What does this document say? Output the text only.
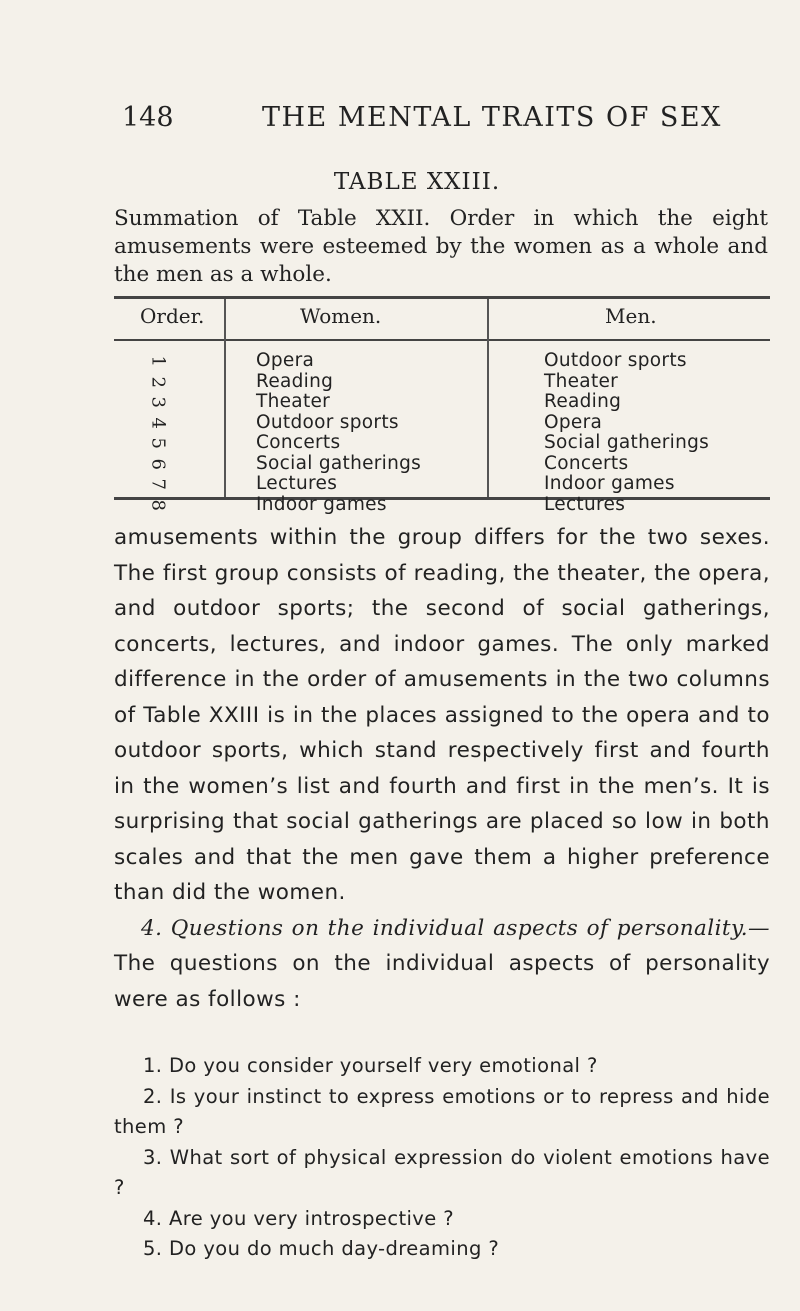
148	THE MENTAL TRAITS OF SEX
TABLE XXIII.
Summation of Table XXII. Order in which the eight amusements were esteemed by the women as a whole and the men as a whole.
Order.	Women.	Men.
1	Opera	Outdoor sports
2	Reading	Theater
3	Theater	Reading
4	Outdoor sports	Opera
5	Concerts	Social gatherings
6	Social gatherings	Concerts
7	Lectures	Indoor games
8	Indoor games	Lectures

amusements within the group differs for the two sexes. The first group consists of reading, the theater, the opera, and outdoor sports; the second of social gatherings, concerts, lectures, and indoor games. The only marked difference in the order of amusements in the two columns of Table XXIII is in the places assigned to the opera and to outdoor sports, which stand respectively first and fourth in the women’s list and fourth and first in the men’s. It is surprising that social gatherings are placed so low in both scales and that the men gave them a higher preference than did the women.

4. Questions on the individual aspects of personality.— The questions on the individual aspects of personality were as follows :

1. Do you consider yourself very emotional ?

2. Is your instinct to express emotions or to repress and hide them ?

3. What sort of physical expression do violent emotions have ?

4. Are you very introspective ?

5. Do you do much day-dreaming ?
